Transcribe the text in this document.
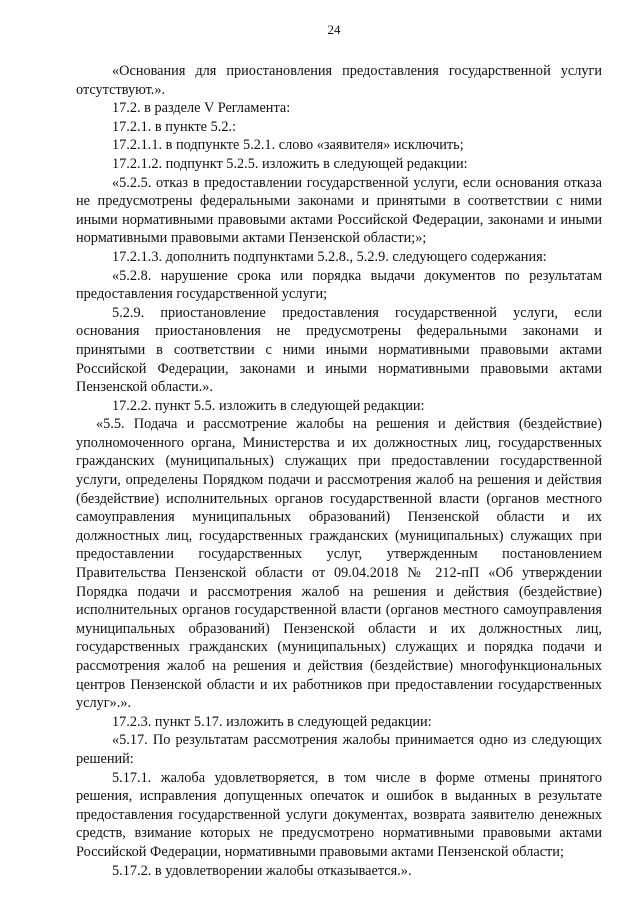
24

«Основания для приостановления предоставления государственной услуги отсутствуют.».

17.2. в разделе V Регламента:

17.2.1. в пункте 5.2.:

17.2.1.1. в подпункте 5.2.1. слово «заявителя» исключить;

17.2.1.2. подпункт 5.2.5. изложить в следующей редакции:

«5.2.5. отказ в предоставлении государственной услуги, если основания отказа не предусмотрены федеральными законами и принятыми в соответствии с ними иными нормативными правовыми актами Российской Федерации, законами и иными нормативными правовыми актами Пензенской области;»;

17.2.1.3. дополнить подпунктами 5.2.8., 5.2.9. следующего содержания:

«5.2.8. нарушение срока или порядка выдачи документов по результатам предоставления государственной услуги;

5.2.9. приостановление предоставления государственной услуги, если основания приостановления не предусмотрены федеральными законами и принятыми в соответствии с ними иными нормативными правовыми актами Российской Федерации, законами и иными нормативными правовыми актами Пензенской области.».

17.2.2. пункт 5.5. изложить в следующей редакции:

«5.5. Подача и рассмотрение жалобы на решения и действия (бездействие) уполномоченного органа, Министерства и их должностных лиц, государственных гражданских (муниципальных) служащих при предоставлении государственной услуги, определены Порядком подачи и рассмотрения жалоб на решения и действия (бездействие) исполнительных органов государственной власти (органов местного самоуправления муниципальных образований) Пензенской области и их должностных лиц, государственных гражданских (муниципальных) служащих при предоставлении государственных услуг, утвержденным постановлением Правительства Пензенской области от 09.04.2018 № 212-пП «Об утверждении Порядка подачи и рассмотрения жалоб на решения и действия (бездействие) исполнительных органов государственной власти (органов местного самоуправления муниципальных образований) Пензенской области и их должностных лиц, государственных гражданских (муниципальных) служащих и порядка подачи и рассмотрения жалоб на решения и действия (бездействие) многофункциональных центров Пензенской области и их работников при предоставлении государственных услуг».».

17.2.3. пункт 5.17. изложить в следующей редакции:

«5.17. По результатам рассмотрения жалобы принимается одно из следующих решений:

5.17.1. жалоба удовлетворяется, в том числе в форме отмены принятого решения, исправления допущенных опечаток и ошибок в выданных в результате предоставления государственной услуги документах, возврата заявителю денежных средств, взимание которых не предусмотрено нормативными правовыми актами Российской Федерации, нормативными правовыми актами Пензенской области;

5.17.2. в удовлетворении жалобы отказывается.».
